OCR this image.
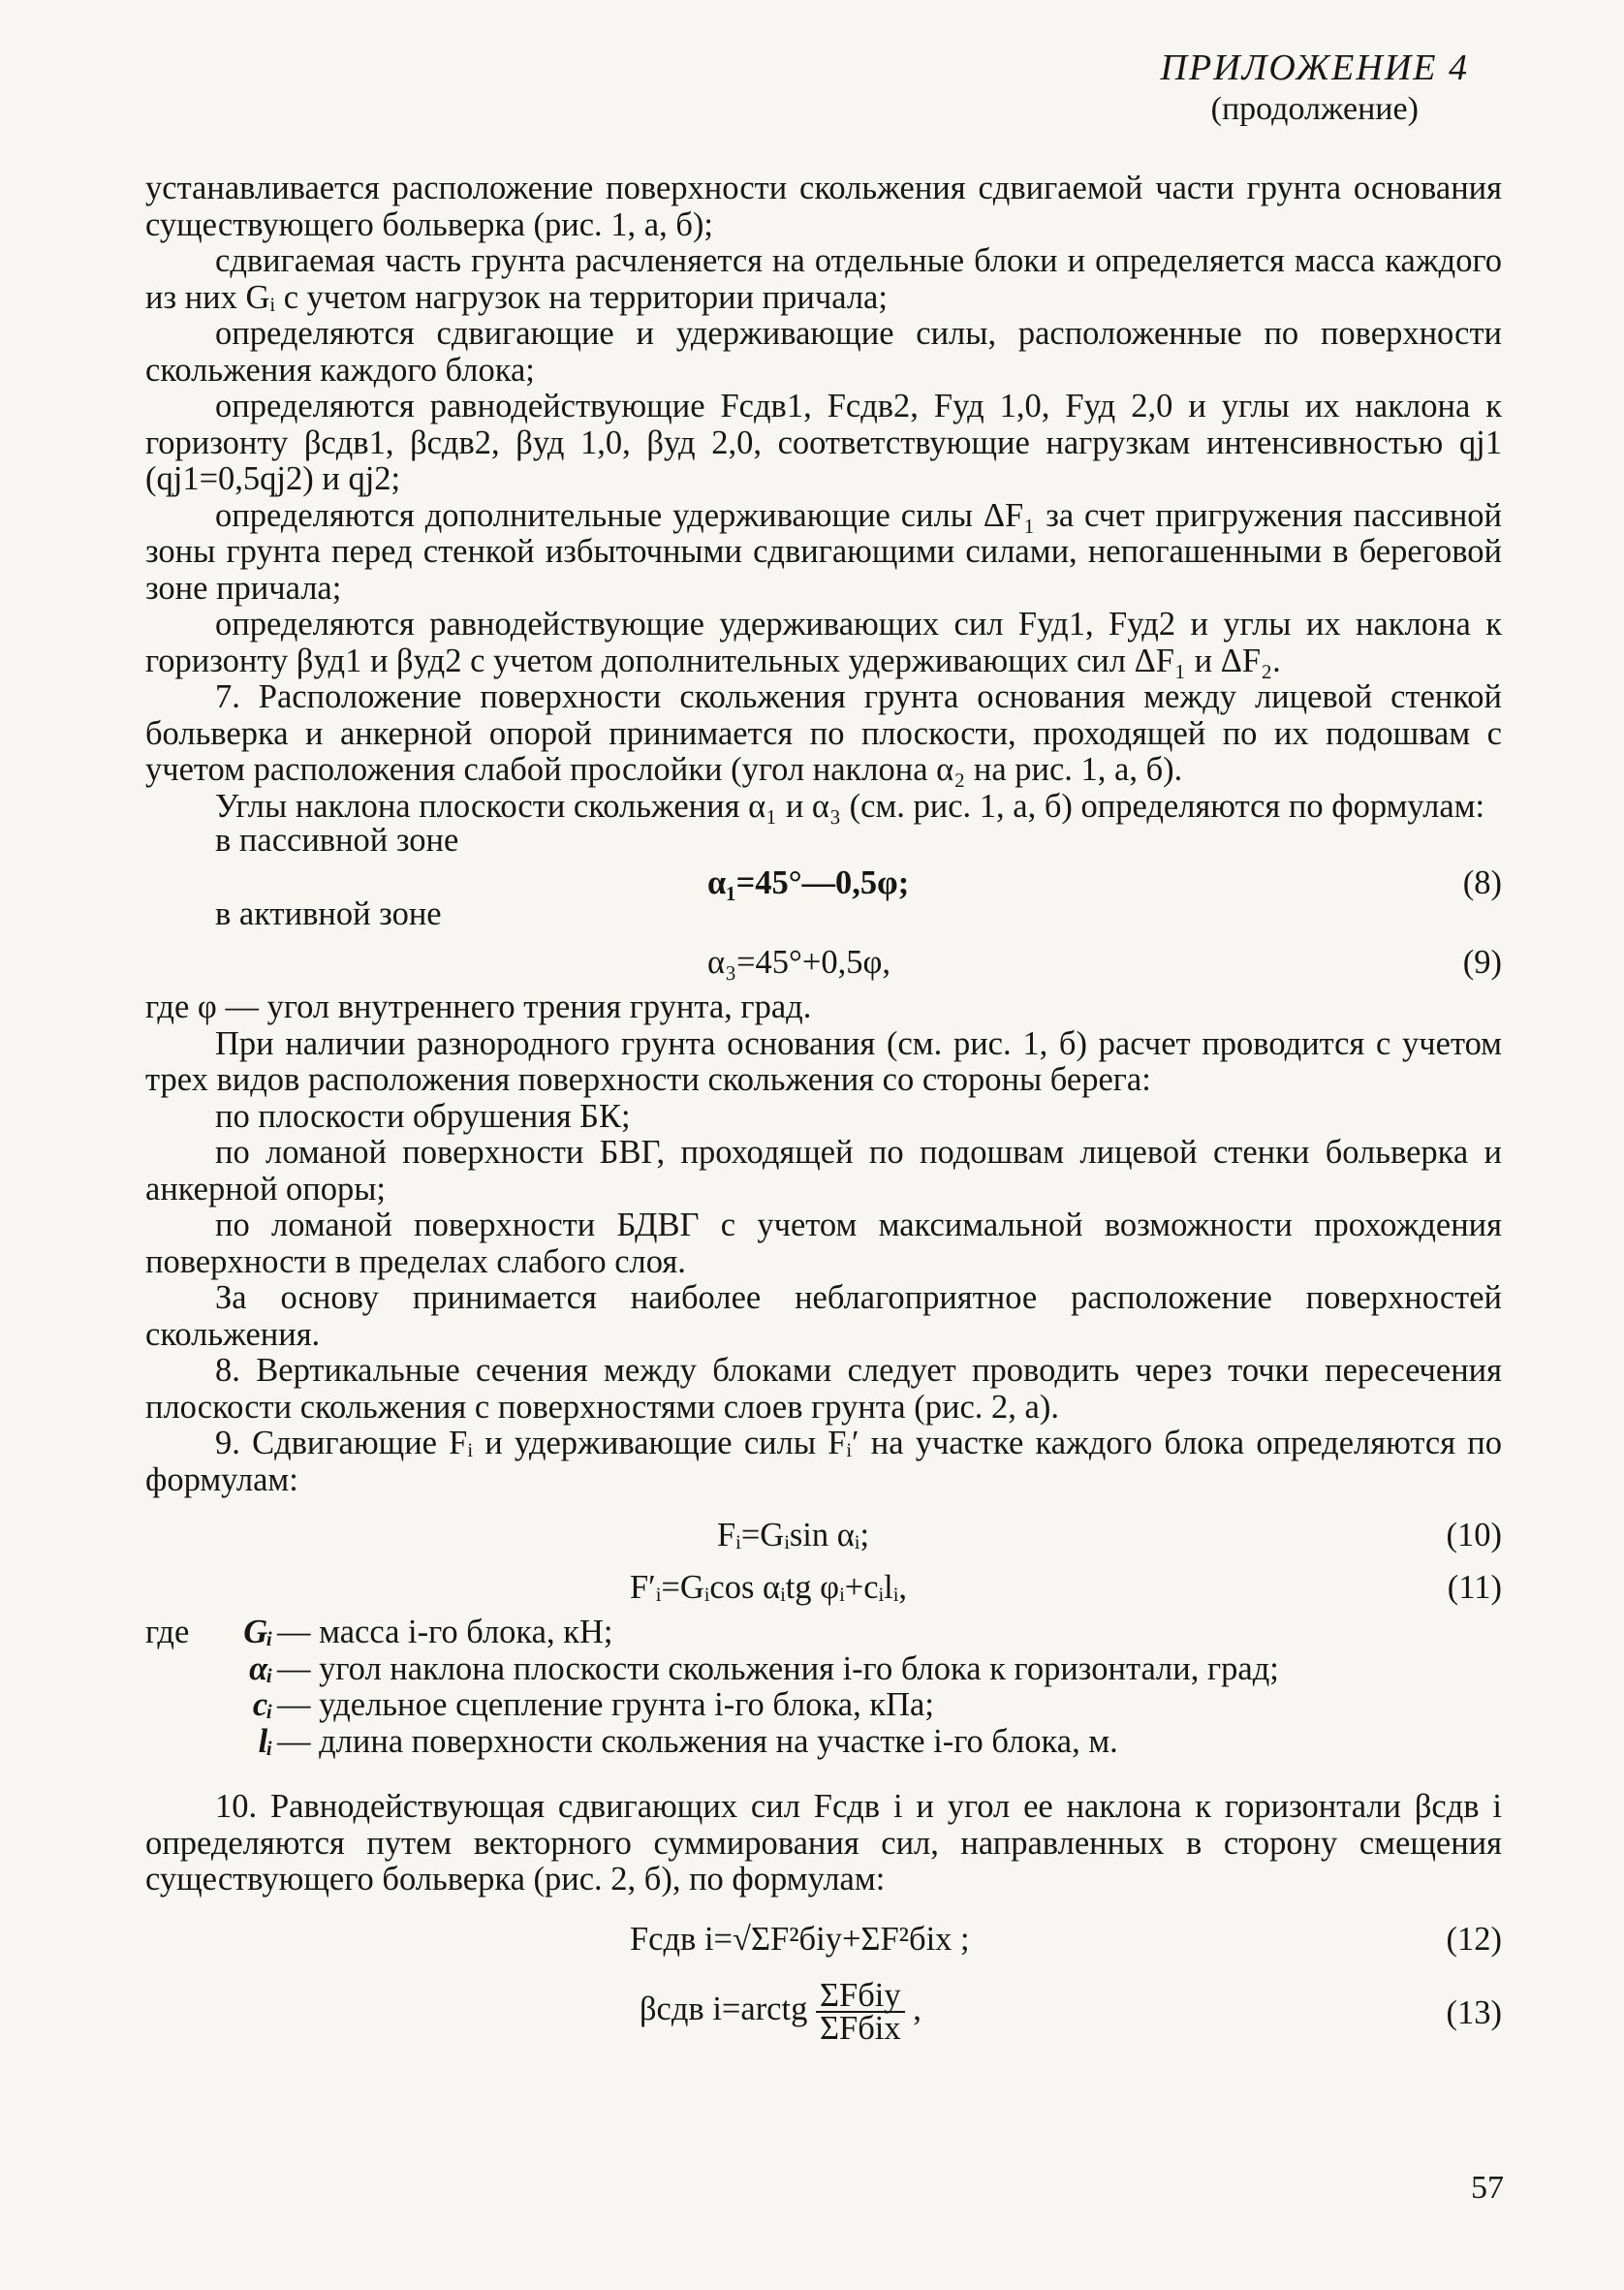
ПРИЛОЖЕНИЕ 4
(продолжение)

устанавливается расположение поверхности скольжения сдвигаемой части грунта основания существующего больверка (рис. 1, а, б);

сдвигаемая часть грунта расчленяется на отдельные блоки и определяется масса каждого из них Gᵢ с учетом нагрузок на территории причала;

определяются сдвигающие и удерживающие силы, расположенные по поверхности скольжения каждого блока;

определяются равнодействующие Fсдв1, Fсдв2, Fуд 1,0, Fуд 2,0 и углы их наклона к горизонту βсдв1, βсдв2, βуд 1,0, βуд 2,0, соответствующие нагрузкам интенсивностью qj1 (qj1=0,5qj2) и qj2;

определяются дополнительные удерживающие силы ΔF₁ за счет пригружения пассивной зоны грунта перед стенкой избыточными сдвигающими силами, непогашенными в береговой зоне причала;

определяются равнодействующие удерживающих сил Fуд1, Fуд2 и углы их наклона к горизонту βуд1 и βуд2 с учетом дополнительных удерживающих сил ΔF₁ и ΔF₂.

7. Расположение поверхности скольжения грунта основания между лицевой стенкой больверка и анкерной опорой принимается по плоскости, проходящей по их подошвам с учетом расположения слабой прослойки (угол наклона α₂ на рис. 1, а, б).

Углы наклона плоскости скольжения α₁ и α₃ (см. рис. 1, а, б) определяются по формулам:

в пассивной зоне
α₁=45°—0,5φ;	(8)
в активной зоне
α₃=45°+0,5φ,	(9)

где φ — угол внутреннего трения грунта, град.

При наличии разнородного грунта основания (см. рис. 1, б) расчет проводится с учетом трех видов расположения поверхности скольжения со стороны берега:

по плоскости обрушения БК;

по ломаной поверхности БВГ, проходящей по подошвам лицевой стенки больверка и анкерной опоры;

по ломаной поверхности БДВГ с учетом максимальной возможности прохождения поверхности в пределах слабого слоя.

За основу принимается наиболее неблагоприятное расположение поверхностей скольжения.

8. Вертикальные сечения между блоками следует проводить через точки пересечения плоскости скольжения с поверхностями слоев грунта (рис. 2, а).

9. Сдвигающие Fᵢ и удерживающие силы Fᵢ′ на участке каждого блока определяются по формулам:

Fᵢ=Gᵢsin αᵢ;	(10)
F′ᵢ=Gᵢcos αᵢtg φᵢ+cᵢlᵢ,	(11)
где	Gᵢ — масса i-го блока, кН;
αᵢ — угол наклона плоскости скольжения i-го блока к горизонтали, град;
cᵢ — удельное сцепление грунта i-го блока, кПа;
lᵢ — длина поверхности скольжения на участке i-го блока, м.

10. Равнодействующая сдвигающих сил Fсдв i и угол ее наклона к горизонтали βсдв i определяются путем векторного суммирования сил, направленных в сторону смещения существующего больверка (рис. 2, б), по формулам:

Fсдв i=√ΣF²бiy+ΣF²бix ;	(12)
βсдв i=arctg $\frac{\text{ΣFбiy}}{\text{ΣFбix}}$ ,	(13)
57
